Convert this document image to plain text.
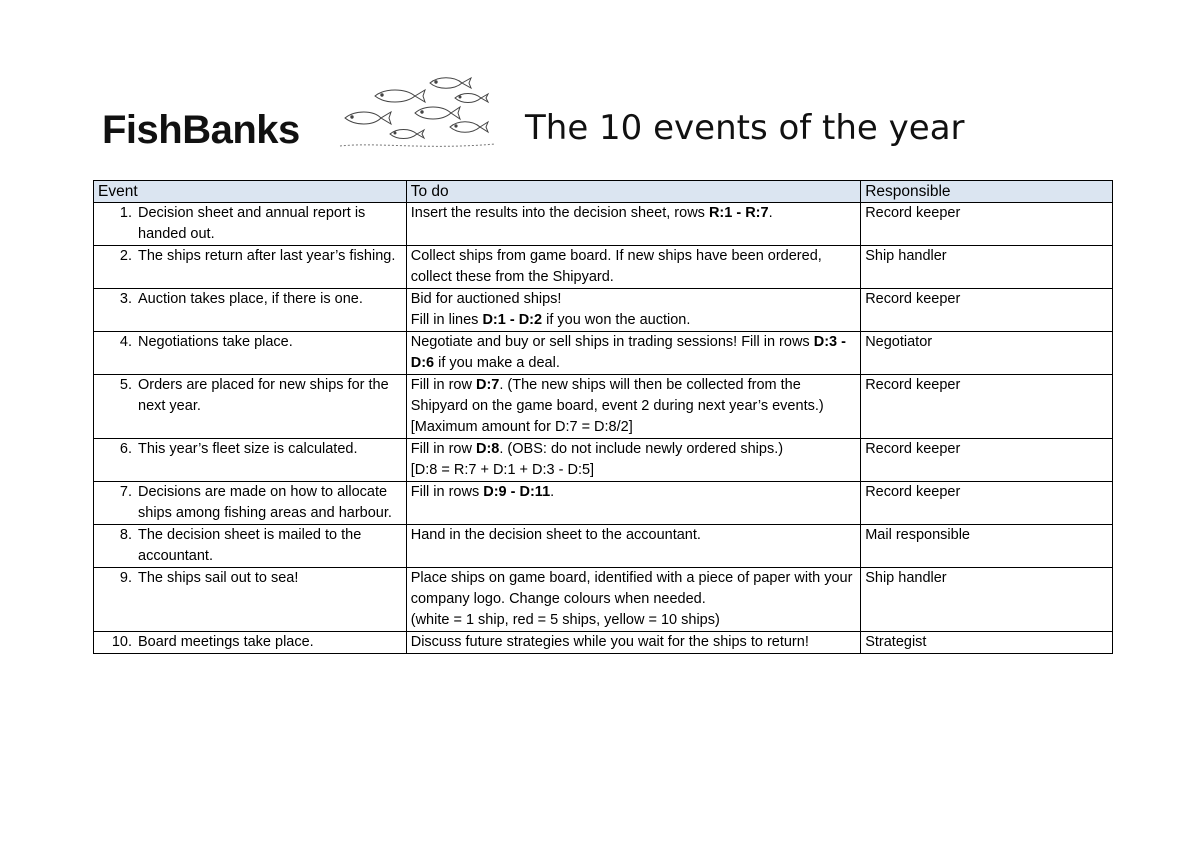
FishBanks	The 10 events of the year
Event	To do	Responsible

1. Decision sheet and annual report is handed out.	Insert the results into the decision sheet, rows R:1 - R:7.	Record keeper

2. The ships return after last year’s fishing.	Collect ships from game board. If new ships have been ordered, collect these from the Shipyard.	Ship handler

3. Auction takes place, if there is one.	Bid for auctioned ships!
Fill in lines D:1 - D:2 if you won the auction.	Record keeper

4. Negotiations take place.	Negotiate and buy or sell ships in trading sessions! Fill in rows D:3 - D:6 if you make a deal.	Negotiator

5. Orders are placed for new ships for the next year.	Fill in row D:7. (The new ships will then be collected from the Shipyard on the game board, event 2 during next year’s events.) [Maximum amount for D:7 = D:8/2]	Record keeper

6. This year’s fleet size is calculated.	Fill in row D:8. (OBS: do not include newly ordered ships.)
[D:8 = R:7 + D:1 + D:3 - D:5]	Record keeper

7. Decisions are made on how to allocate ships among fishing areas and harbour.	Fill in rows D:9 - D:11.	Record keeper

8. The decision sheet is mailed to the accountant.	Hand in the decision sheet to the accountant.	Mail responsible

9. The ships sail out to sea!	Place ships on game board, identified with a piece of paper with your company logo. Change colours when needed.
(white = 1 ship, red = 5 ships, yellow = 10 ships)	Ship handler

10. Board meetings take place.	Discuss future strategies while you wait for the ships to return!	Strategist
